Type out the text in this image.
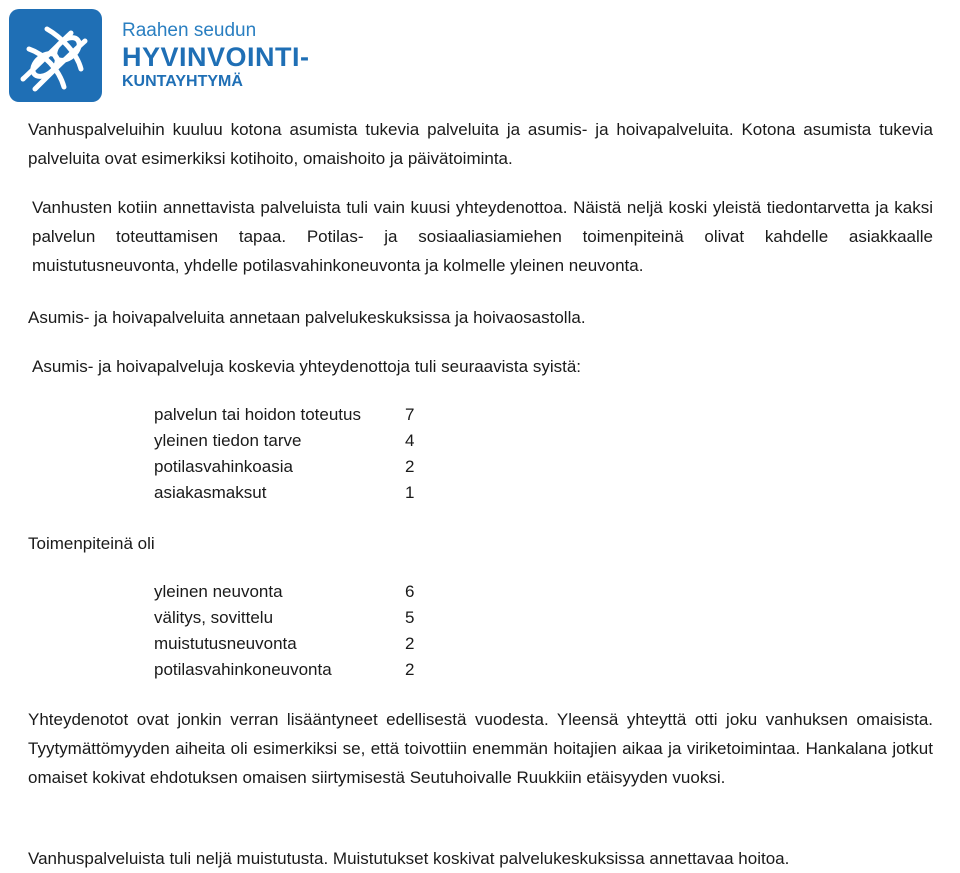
Raahen seudun
HYVINVOINTI-
KUNTAYHTYMÄ

Vanhuspalveluihin kuuluu kotona asumista tukevia palveluita ja asumis- ja hoivapalveluita. Kotona asumista tukevia palveluita ovat esimerkiksi kotihoito, omaishoito ja päivätoiminta.

Vanhusten kotiin annettavista palveluista tuli vain kuusi yhteydenottoa. Näistä neljä koski yleistä tiedontarvetta ja kaksi palvelun toteuttamisen tapaa. Potilas- ja sosiaaliasiamiehen toimenpiteinä olivat kahdelle asiakkaalle muistutusneuvonta, yhdelle potilasvahinkoneuvonta ja kolmelle yleinen neuvonta.

Asumis- ja hoivapalveluita annetaan palvelukeskuksissa ja hoivaosastolla.

Asumis- ja hoivapalveluja koskevia yhteydenottoja tuli seuraavista syistä:

palvelun tai hoidon toteutus	7
yleinen tiedon tarve	4
potilasvahinkoasia	2
asiakasmaksut	1

Toimenpiteinä oli

yleinen neuvonta	6
välitys, sovittelu	5
muistutusneuvonta	2
potilasvahinkoneuvonta	2

Yhteydenotot ovat jonkin verran lisääntyneet edellisestä vuodesta. Yleensä yhteyttä otti joku vanhuksen omaisista. Tyytymättömyyden aiheita oli esimerkiksi se, että toivottiin enemmän hoitajien aikaa ja viriketoimintaa. Hankalana jotkut omaiset kokivat ehdotuksen omaisen siirtymisestä Seutuhoivalle Ruukkiin etäisyyden vuoksi.

Vanhuspalveluista tuli neljä muistutusta. Muistutukset koskivat palvelukeskuksissa annettavaa hoitoa.
